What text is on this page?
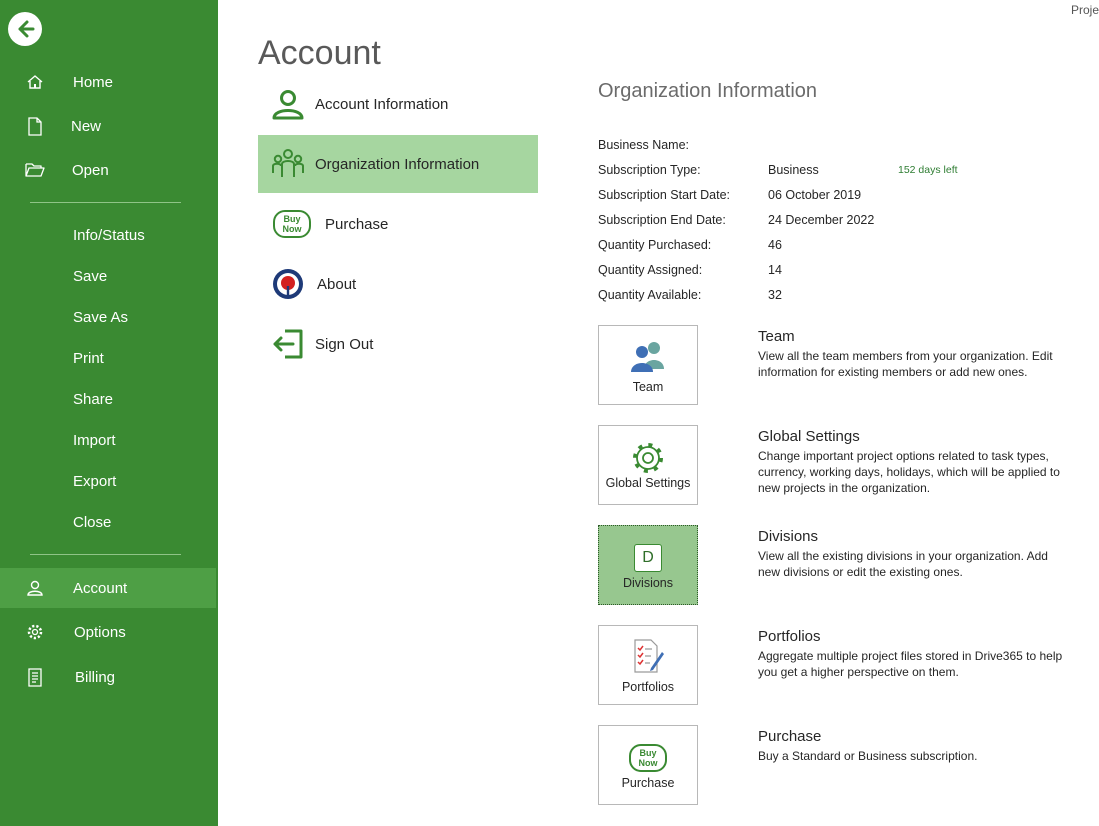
Home
New
Open
Info/Status
Save
Save As
Print
Share
Import
Export
Close
Account
Options
Billing
Proje
Account
Account Information
Organization Information
Buy
Now Purchase
About
Sign Out
Organization Information
Business Name:
Subscription Type:	Business	152 days left
Subscription Start Date:	06 October 2019
Subscription End Date:	24 December 2022
Quantity Purchased:	46
Quantity Assigned:	14
Quantity Available:	32
Team
Team
View all the team members from your organization. Edit information for existing members or add new ones.
Global Settings
Global Settings
Change important project options related to task types, currency, working days, holidays, which will be applied to new projects in the organization.
D
Divisions
Divisions
View all the existing divisions in your organization. Add new divisions or edit the existing ones.
Portfolios
Portfolios
Aggregate multiple project files stored in Drive365 to help you get a higher perspective on them.
Buy
Now
Purchase
Purchase
Buy a Standard or Business subscription.
